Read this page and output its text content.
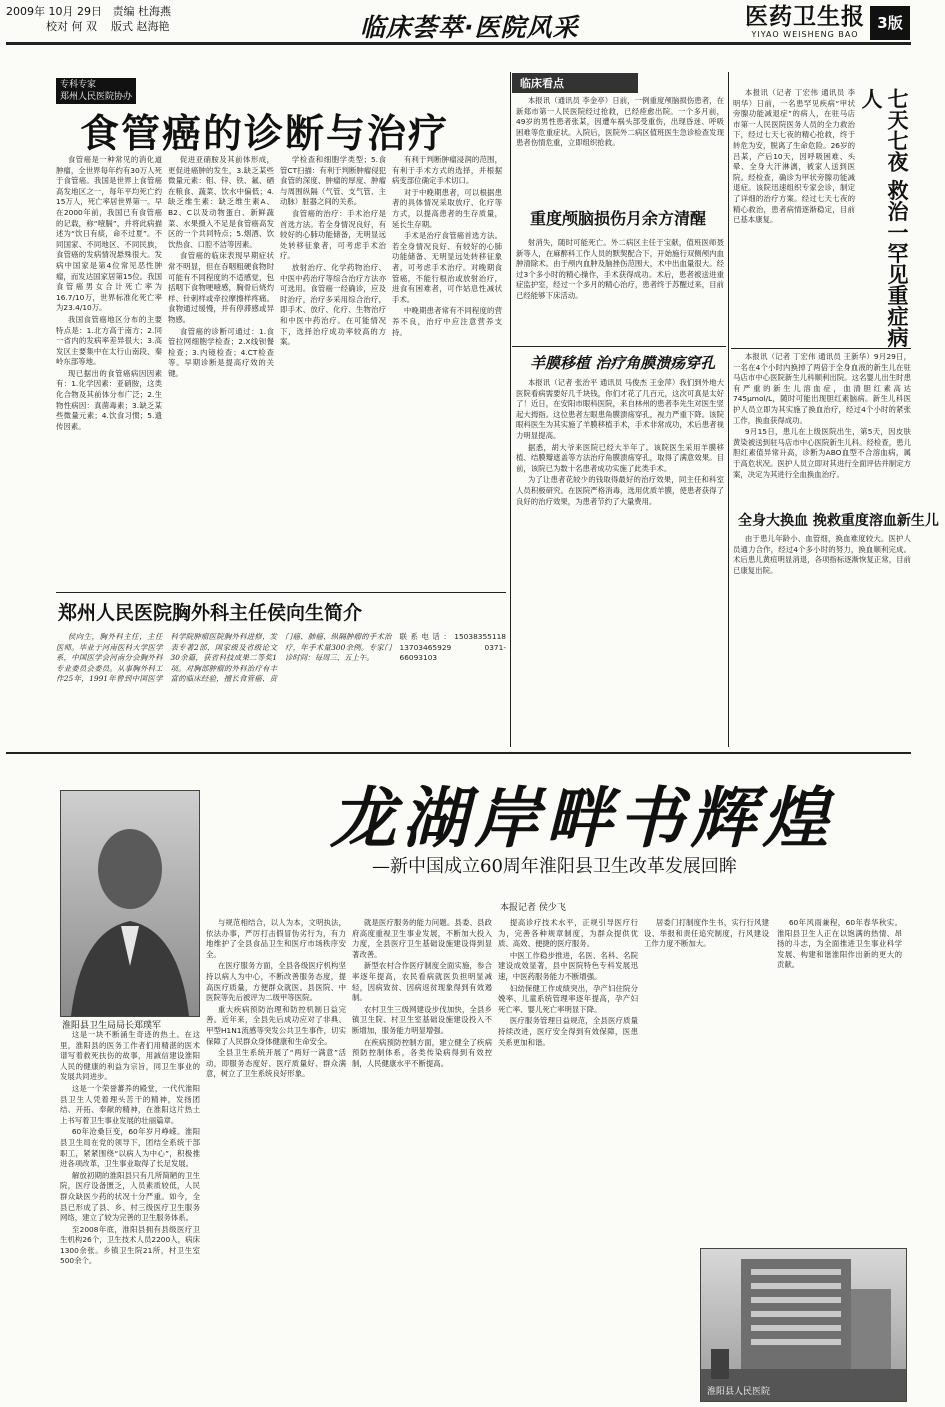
2009年 10月 29日 责编 杜海燕
校对 何 双 版式 赵海艳	临床荟萃·医院风采	医药卫生报
YIYAO WEISHENG BAO
3版
专科专家
郑州人民医院协办
食管癌的诊断与治疗

食管癌是一种常见的消化道肿瘤，全世界每年约有30万人死于食管癌。我国是世界上食管癌高发地区之一，每年平均死亡约15万人，死亡率居世界第一。早在2000年前，我国已有食管癌的记载，称“噎膈”，并将此病描述为“饮日有痰，命不过夏”。不同国家、不同地区、不同民族，食管癌的发病情况悬殊很大。发病中国家是第4位常见恶性肿瘤，而发达国家居第15位。我国食管癌男女合计死亡率为16.7/10万，世界标准化死亡率为23.4/10万。

我国食管癌地区分布的主要特点是：1.北方高于南方；2.同一省内的发病率差异很大；3.高发区主要集中在太行山南段、秦岭东部等地。

现已据出的食管癌病因因素有：1.化学因素：亚硝胺，这类化合物及其前体分布广泛；2.生物性病因：真菌毒素；3.缺乏某些微量元素；4.饮食习惯；5.遗传因素。

促进亚硝胺及其前体形成，更促进癌肿的发生，3.缺乏某些微量元素：钼、锌、铁、氟、硒在粮食、蔬菜、饮水中偏低；4.缺乏维生素：缺乏维生素A、B2、C以及动物蛋白、新鲜蔬菜、水果摄入不足是食管癌高发区的一个共同特点；5.烟酒、饮饮热食、口腔不洁等因素。

食管癌的临床表现早期症状常不明显，但在吞咽粗硬食物时可能有不同程度的不适感觉，包括咽下食物哽噎感，胸骨后烧灼样、针刺样或牵拉摩擦样疼痛。食物通过缓慢，并有停滞感或异物感。

食管癌的诊断可通过：1.食管拉网细胞学检查；2.X线钡餐检查；3.内镜检查；4.CT检查等。早期诊断是提高疗效的关键。

学检查和细胞学类型；5.食管CT扫描：有利于判断肿瘤侵犯食管的深度、肿瘤的厚度、肿瘤与周围纵隔（气管、支气管、主动脉）脏器之间的关系。

食管癌的治疗：手术治疗是首选方法。若全身情况良好，有较好的心肺功能储备，无明显远处转移征象者，可考虑手术治疗。

放射治疗、化学药物治疗、中医中药治疗等综合治疗方法亦可选用。食管癌一经确诊，应及时治疗，治疗多采用综合治疗，即手术、放疗、化疗、生物治疗和中医中药治疗。在可能情况下，选择治疗成功率较高的方案。

有利于判断肿瘤浸润的范围，有利于手术方式的选择，并根据病变部位确定手术切口。

对于中晚期患者，可以根据患者的具体情况采取放疗、化疗等方式，以提高患者的生存质量，延长生存期。

手术是治疗食管癌首选方法。若全身情况良好、有较好的心肺功能储备、无明显远处转移征象者，可考虑手术治疗。对晚期食管癌，不能行根治或放射治疗，进食有困难者，可作姑息性减状手术。

中晚期患者常有不同程度的营养不良，治疗中应注意营养支持。

郑州人民医院胸外科主任侯向生简介

侯向生，胸外科主任，主任医师。毕业于河南医科大学医学系，中国医学会河南分会胸外科专业委员会委员。从事胸外科工作25年，1991年曾到中国医学科学院肿瘤医院胸外科进修，发表专著2部，国家级及省级论文30余篇，获省科技成果二等奖1项。对胸部肿瘤的外科治疗有丰富的临床经验，擅长食管癌、贲门癌、肺癌、纵隔肿瘤的手术治疗，年手术量300余例。专家门诊时间：每周三、五上午。

联系电话：15038355118 13703465929 0371-66093103

临床看点

本报讯（通讯员 李金亭）日前，一例重度颅脑损伤患者，在新郑市第一人民医院经过抢救，已经痊愈出院。一个多月前，49岁的男性患者张某，因遭车祸头部受重伤，出现昏迷、呼吸困难等危重症状。入院后，医院外二病区值班医生急诊检查发现患者伤情危重，立即组织抢救。

重度颅脑损伤月余方清醒

射消失，随时可能死亡。外二病区主任于宝献，值班医师聂新等人，在麻醉科工作人员的默契配合下，开始施行双侧颅内血肿清除术。由于颅内血肿及脑挫伤范围大，术中出血量很大。经过3个多小时的精心操作，手术获得成功。术后，患者被送进重症监护室，经过一个多月的精心治疗，患者终于苏醒过来，目前已经能够下床活动。

羊膜移植 治疗角膜溃疡穿孔

本报讯（记者 张治平 通讯员 马俊杰 王金萍）我们到外地大医院看病需要好几千块钱，你们才花了几百元，这次可真是太好了！近日，在安阳市眼科医院，来自林州的患者李先生对医生竖起大拇指。这位患者左眼患角膜溃疡穿孔，视力严重下降。该院眼科医生为其实施了羊膜移植手术，手术非常成功，术后患者视力明显提高。

据悉，胡大爷来医院已经大半年了。该院医生采用羊膜移植、结膜瓣遮盖等方法治疗角膜溃疡穿孔，取得了满意效果。目前，该院已为数十名患者成功实施了此类手术。

为了让患者花较少的钱取得最好的治疗效果，同主任和科室人员积极研究。在医院严格消毒，选用优质羊膜，使患者获得了良好的治疗效果，为患者节约了大量费用。

本报讯（记者 丁宏伟 通讯员 李明华）日前，一名患罕见疾病“甲状旁腺功能减退症”的病人，在驻马店市第一人民医院医务人员的全力救治下，经过七天七夜的精心抢救，终于转危为安，脱离了生命危险。26岁的吕某，产后10天，因呼吸困难、头晕、全身大汗淋漓，被家人送到医院。经检查，确诊为甲状旁腺功能减退症。该院迅速组织专家会诊，制定了详细的治疗方案。经过七天七夜的精心救治，患者病情逐渐稳定，目前已基本康复。	七天七夜 救治一罕见重症病人

本报讯（记者 丁宏伟 通讯员 王新华）9月29日，一名在4个小时内换掉了两倍于全身血液的新生儿在驻马店市中心医院新生儿科顺利出院。这名婴儿出生时患有严重的新生儿溶血症，血清胆红素高达745μmol/L，随时可能出现胆红素脑病。新生儿科医护人员立即为其实施了换血治疗，经过4个小时的紧张工作，换血获得成功。

9月15日，患儿在上级医院出生，第5天，因皮肤黄染被送到驻马店市中心医院新生儿科。经检查，患儿胆红素值异常升高，诊断为ABO血型不合溶血病，属于高危状况。医护人员立即对其进行全面评估并制定方案，决定为其进行全血换血治疗。

全身大换血 挽救重度溶血新生儿

由于患儿年龄小、血管细，换血难度较大。医护人员通力合作，经过4个多小时的努力，换血顺利完成。术后患儿黄疸明显消退，各项指标逐渐恢复正常，目前已康复出院。

淮阳县卫生局局长郑璞军
龙湖岸畔书辉煌
—新中国成立60周年淮阳县卫生改革发展回眸
本报记者 侯少飞

这是一块不断涌生奇迹的热土。在这里，淮阳县的医务工作者们用精湛的医术谱写着救死扶伤的故事，用誠信建设淮阳人民的健康的利益为宗旨，同卫生事业的发展共同进步。

这是一个荣誉蕃养的殿堂，一代代淮阳县卫生人凭着理头苦干的精神，发扬团结、开拓、奉献的精神，在淮阳这片热土上书写着卫生事业发展的壮丽篇章。

60年沧桑巨变，60年岁月峥嵘。淮阳县卫生局在党的领导下，团结全系统干部职工，紧紧围绕“以病人为中心”，积极推进各项改革，卫生事业取得了长足发展。

解放初期的淮阳县只有几所简陋的卫生院，医疗设备匮乏，人员素质较低，人民群众缺医少药的状况十分严重。如今，全县已形成了县、乡、村三级医疗卫生服务网络，建立了较为完善的卫生服务体系。

至2008年底，淮阳县拥有县级医疗卫生机构26个，卫生技术人员2200人，病床1300余张。乡镇卫生院21所，村卫生室500余个。

与规范相结合，以人为本，文明执法，依法办事，严厉打击假冒伪劣行为，有力地维护了全县食品卫生和医疗市场秩序安全。

在医疗服务方面，全县各级医疗机构坚持以病人为中心，不断改善服务态度，提高医疗质量，方便群众就医。县医院、中医院等先后被评为二级甲等医院。

重大疾病预防治理和防控机制日益完善。近年来，全县先后成功应对了非典、甲型H1N1流感等突发公共卫生事件，切实保障了人民群众身体健康和生命安全。

全县卫生系统开展了“两好一满意”活动，即服务态度好、医疗质量好、群众满意，树立了卫生系统良好形象。

就是医疗服务的能力问题。县委、县政府高度重视卫生事业发展，不断加大投入力度，全县医疗卫生基础设施建设得到显著改善。

新型农村合作医疗制度全面实施，参合率逐年提高，农民看病就医负担明显减轻，因病致贫、因病返贫现象得到有效遏制。

农村卫生三级网建设步伐加快，全县乡镇卫生院、村卫生室基础设施建设投入不断增加，服务能力明显增强。

在疾病预防控制方面，建立健全了疾病预防控制体系，各类传染病得到有效控制，人民健康水平不断提高。

提高诊疗技术水平，正规引导医疗行为，完善各种规章制度，为群众提供优质、高效、便捷的医疗服务。

中医工作稳步推进，名医、名科、名院建设成效显著，县中医院特色专科发展迅速，中医药服务能力不断增强。

妇幼保健工作成绩突出，孕产妇住院分娩率、儿童系统管理率逐年提高，孕产妇死亡率、婴儿死亡率明显下降。

医疗服务管理日益规范，全县医疗质量持续改进，医疗安全得到有效保障，医患关系更加和谐。

居委门打制度作生书，实行行风建设、举报和责任追究制度，行风建设工作力度不断加大。

60年风雨兼程，60年春华秋实。淮阳县卫生人正在以饱满的热情、昂扬的斗志，为全面推进卫生事业科学发展、构建和谐淮阳作出新的更大的贡献。

淮阳县人民医院
